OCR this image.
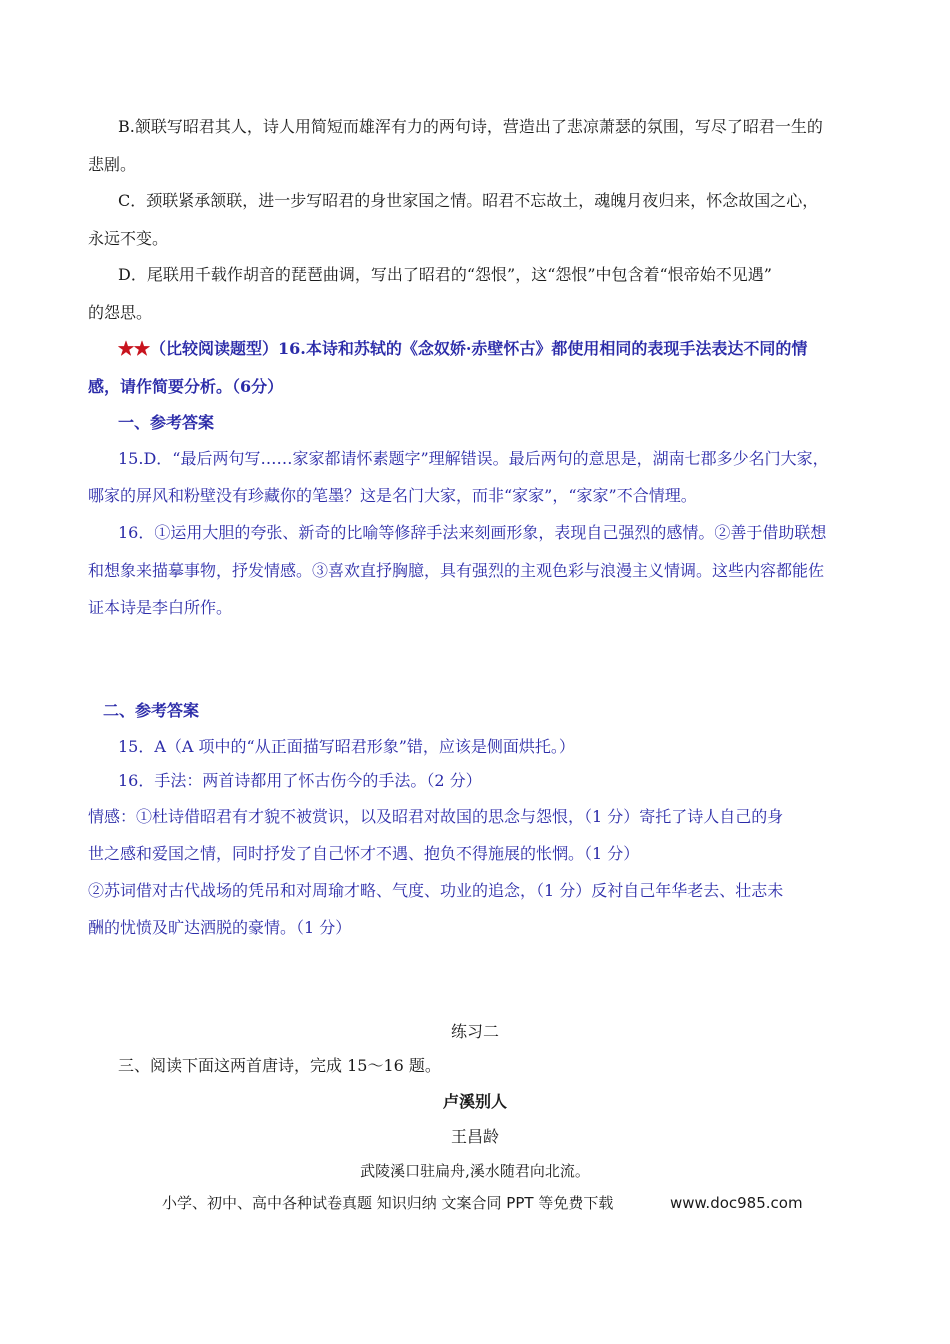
B.颔联写昭君其人，诗人用简短而雄浑有力的两句诗，营造出了悲凉萧瑟的氛围，写尽了昭君一生的
悲剧。
C．颈联紧承颔联，进一步写昭君的身世家国之情。昭君不忘故土，魂魄月夜归来，怀念故国之心，
永远不变。
D．尾联用千载作胡音的琵琶曲调，写出了昭君的“怨恨”，这“怨恨”中包含着“恨帝始不见遇”
的怨思。
★★（比较阅读题型）16.本诗和苏轼的《念奴娇·赤壁怀古》都使用相同的表现手法表达不同的情
感，请作简要分析。（6分）
一、参考答案
15.D．“最后两句写……家家都请怀素题字”理解错误。最后两句的意思是，湖南七郡多少名门大家，
哪家的屏风和粉壁没有珍藏你的笔墨？这是名门大家，而非“家家”，“家家”不合情理。
16．①运用大胆的夸张、新奇的比喻等修辞手法来刻画形象，表现自己强烈的感情。②善于借助联想
和想象来描摹事物，抒发情感。③喜欢直抒胸臆，具有强烈的主观色彩与浪漫主义情调。这些内容都能佐
证本诗是李白所作。
二、参考答案
15．A（A 项中的“从正面描写昭君形象”错，应该是侧面烘托。）
16．手法：两首诗都用了怀古伤今的手法。（2 分）
情感：①杜诗借昭君有才貌不被赏识，以及昭君对故国的思念与怨恨，（1 分）寄托了诗人自己的身
世之感和爱国之情，同时抒发了自己怀才不遇、抱负不得施展的怅惘。（1 分）
②苏词借对古代战场的凭吊和对周瑜才略、气度、功业的追念，（1 分）反衬自己年华老去、壮志未
酬的忧愤及旷达洒脱的豪情。（1 分）
练习二
三、阅读下面这两首唐诗，完成 15～16 题。
卢溪别人
王昌龄
武陵溪口驻扁舟,溪水随君向北流。
小学、初中、高中各种试卷真题 知识归纳 文案合同 PPT 等免费下载	www.doc985.com
